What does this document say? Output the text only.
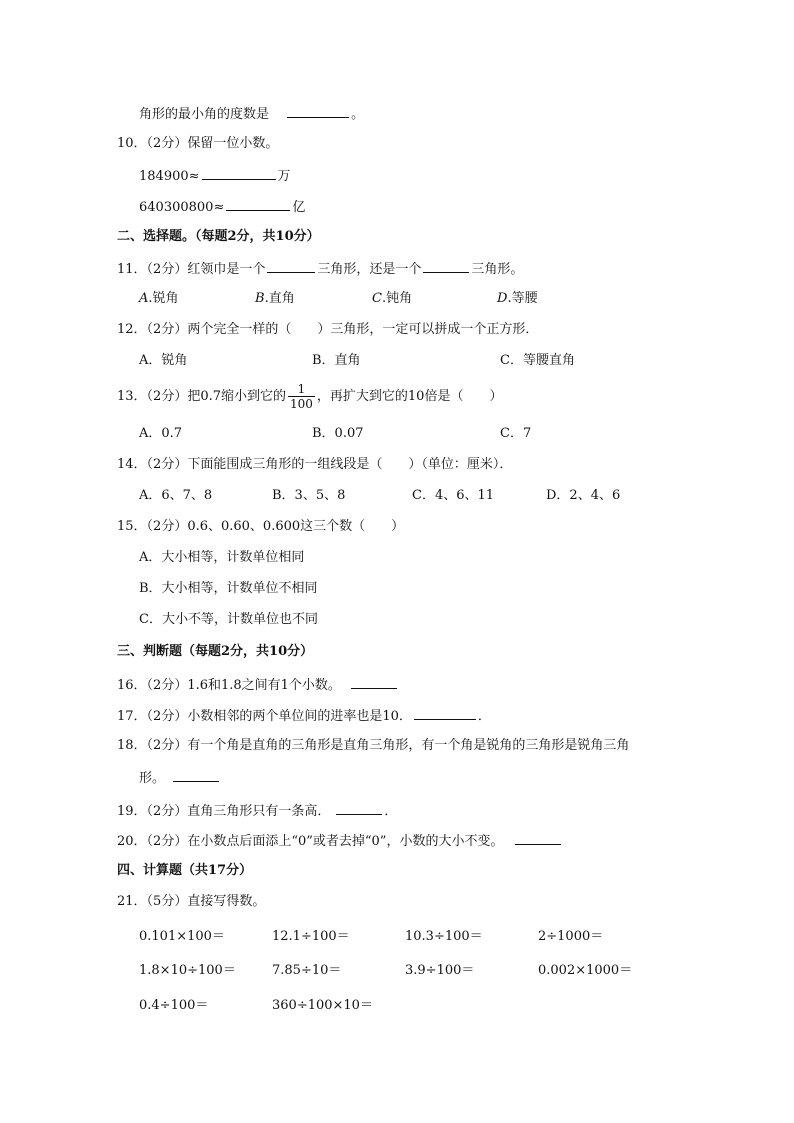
角形的最小角的度数是	。
10．（2分）保留一位小数。
184900≈	万
640300800≈	亿
二、选择题。（每题2分，共10分）
11．（2分）红领巾是一个	三角形，还是一个	三角形。
A.锐角	B.直角	C.钝角	D.等腰
12．（2分）两个完全一样的（　　）三角形，一定可以拼成一个正方形．
A．锐角	B．直角	C．等腰直角
13．（2分）把0.7缩小到它的 $\frac{1}{100}$ ，再扩大到它的10倍是（　　）
A．0.7	B．0.07	C．7
14．（2分）下面能围成三角形的一组线段是（　　）（单位：厘米）．
A．6、7、8	B．3、5、8	C．4、6、11	D．2、4、6
15．（2分）0.6、0.60、0.600这三个数（　　）
A．大小相等，计数单位相同
B．大小相等，计数单位不相同
C．大小不等，计数单位也不同
三、判断题（每题2分，共10分）
16．（2分）1.6和1.8之间有1个小数。
17．（2分）小数相邻的两个单位间的进率也是10．	．
18．（2分）有一个角是直角的三角形是直角三角形，有一个角是锐角的三角形是锐角三角
形。
19．（2分）直角三角形只有一条高．	．
20．（2分）在小数点后面添上“0”或者去掉“0”，小数的大小不变。
四、计算题（共17分）
21．（5分）直接写得数。
0.101×100＝	12.1÷100＝	10.3÷100＝	2÷1000＝
1.8×10÷100＝	7.85÷10＝	3.9÷100＝	0.002×1000＝
0.4÷100＝	360÷100×10＝
